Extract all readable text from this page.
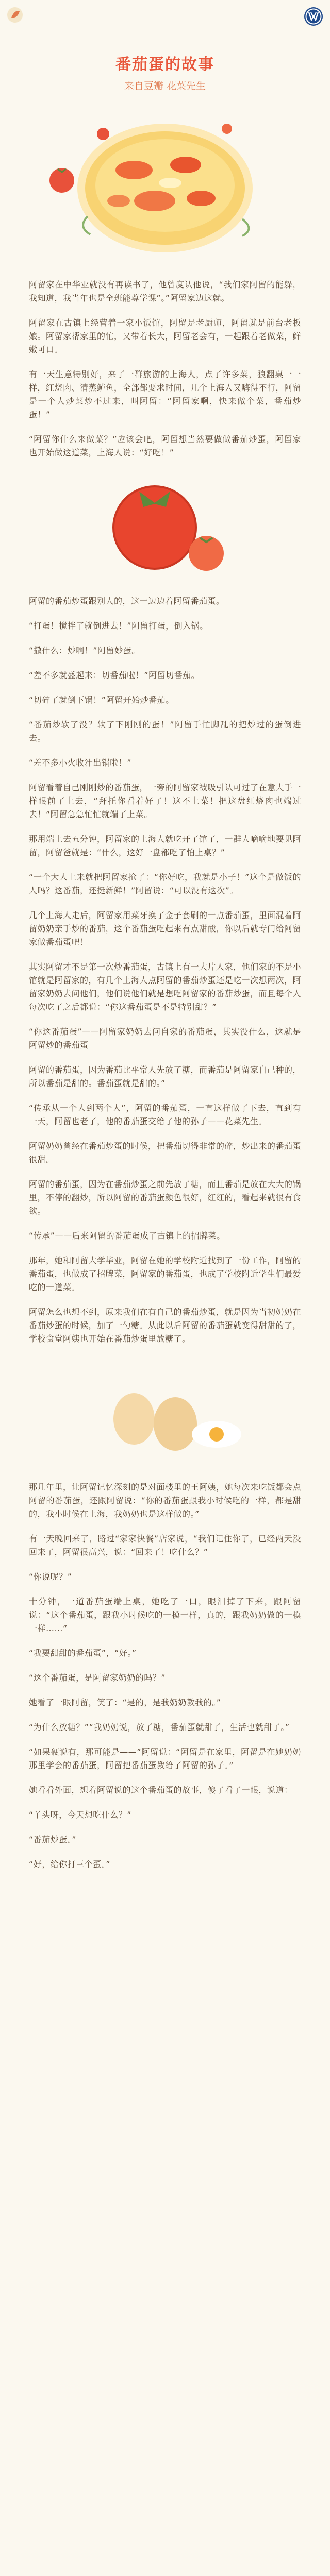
番茄蛋的故事
来自豆瓣 花菜先生

阿留家在中华业就没有再读书了，他曾度认他说，“我们家阿留的能躲，我知道，我当年也是全班能尊学课”。”阿留家边这就。

阿留家在古镇上经营着一家小饭馆，阿留是老厨师，阿留就是前台老板娘。阿留家帮家里的忙，又带着长大，阿留老会有，一起跟着老做菜，鲜嫩可口。

有一天生意特别好，来了一群旅游的上海人，点了许多菜，狼翻桌一一样，红烧肉、清蒸鲈鱼，全部都要求时间，几个上海人又嗨得不行，阿留是一个人炒菜炒不过来，叫阿留：“阿留家啊，快来做个菜，番茄炒蛋！”

“阿留你什么来做菜？”应该会吧，阿留想当然要做做番茄炒蛋，阿留家也开始做这道菜，上海人说：“好吃！”

阿留的番茄炒蛋跟别人的，这一边边着阿留番茄蛋。

“打蛋！搅拌了就倒进去！”阿留打蛋，倒入锅。

“撒什么：炒啊！”阿留妙蛋。

“差不多就盛起来：切番茄啦！”阿留切番茄。

“切碎了就倒下锅！”阿留开始炒番茄。

“番茄炒软了没？软了下刚刚的蛋！”阿留手忙脚乱的把炒过的蛋倒进去。

“差不多小火收汁出锅啦！”

阿留看着自己刚刚炒的番茄蛋，一旁的阿留家被吸引认可过了在意大手一样眼前了上去，“拜托你看着好了！这不上菜！把这盘红烧肉也端过去！”阿留急急忙忙就端了上菜。

那用端上去五分钟，阿留家的上海人就吃开了馆了，一群人嘀嘀地要见阿留，阿留爸就是：“什么，这好一盘都吃了怕上桌？”

“一个大人上来就把阿留家抢了：“你好吃，我就是小子！”这个是做饭的人吗？这番茄，还挺新鲜！”阿留说：“可以没有这次”。

几个上海人走后，阿留家用菜牙换了金子套刷的一点番茄蛋，里面混着阿留奶奶亲手炒的番茄，这个番茄蛋吃起来有点甜酸，你以后就专门给阿留家做番茄蛋吧！

其实阿留才不是第一次炒番茄蛋，古镇上有一大片人家，他们家的不是小馆就是阿留家的，有几个上海人点阿留的番茄炒蛋还是吃一次想两次，阿留家奶奶去问他们，他们说他们就是想吃阿留家的番茄炒蛋，而且每个人每次吃了之后都说：“你这番茄蛋是不是特别甜？”

“你这番茄蛋”——阿留家奶奶去问自家的番茄蛋，其实没什么，这就是阿留炒的番茄蛋

阿留的番茄蛋，因为番茄比平常人先放了糖，而番茄是阿留家自己种的，所以番茄是甜的。番茄蛋就是甜的。”

“传承从一个人到两个人”，阿留的番茄蛋，一直这样做了下去，直到有一天，阿留也老了，他的番茄蛋交给了他的孙子——花菜先生。

阿留奶奶曾经在番茄炒蛋的时候，把番茄切得非常的碎，炒出来的番茄蛋很甜。

阿留的番茄蛋，因为在番茄炒蛋之前先放了糖，而且番茄是放在大大的锅里，不停的翻炒，所以阿留的番茄蛋颜色很好，红红的，看起来就很有食欲。

“传承”——后来阿留的番茄蛋成了古镇上的招牌菜。

那年，她和阿留大学毕业，阿留在她的学校附近找到了一份工作，阿留的番茄蛋，也做成了招牌菜，阿留家的番茄蛋，也成了学校附近学生们最爱吃的一道菜。

阿留怎么也想不到，原来我们在有自己的番茄炒蛋，就是因为当初奶奶在番茄炒蛋的时候，加了一勺糖。从此以后阿留的番茄蛋就变得甜甜的了，学校食堂阿姨也开始在番茄炒蛋里放糖了。

那几年里，让阿留记忆深刻的是对面楼里的王阿姨，她每次来吃饭都会点阿留的番茄蛋，还跟阿留说：“你的番茄蛋跟我小时候吃的一样，都是甜的，我小时候在上海，我奶奶也是这样做的。”

有一天晚回来了，路过“家家快餐”店家说，“我们记住你了，已经两天没回来了，阿留很高兴，说：“回来了！吃什么？”

“你说呢？”

十分钟，一道番茄蛋端上桌，她吃了一口，眼泪掉了下来，跟阿留说：“这个番茄蛋，跟我小时候吃的一模一样，真的，跟我奶奶做的一模一样……”

“我要甜甜的番茄蛋”，“好。”

“这个番茄蛋，是阿留家奶奶的吗？”

她看了一眼阿留，笑了：“是的，是我奶奶教我的。”

“为什么放糖？”“我奶奶说，放了糖，番茄蛋就甜了，生活也就甜了。”

“如果硬说有，那可能是——”阿留说：“阿留是在家里，阿留是在她奶奶那里学会的番茄蛋，阿留把番茄蛋教给了阿留的孙子。”

她看看外面，想着阿留说的这个番茄蛋的故事，傻了看了一眼，说道：

“丫头呀，今天想吃什么？”

“番茄炒蛋。”

“好，给你打三个蛋。”
